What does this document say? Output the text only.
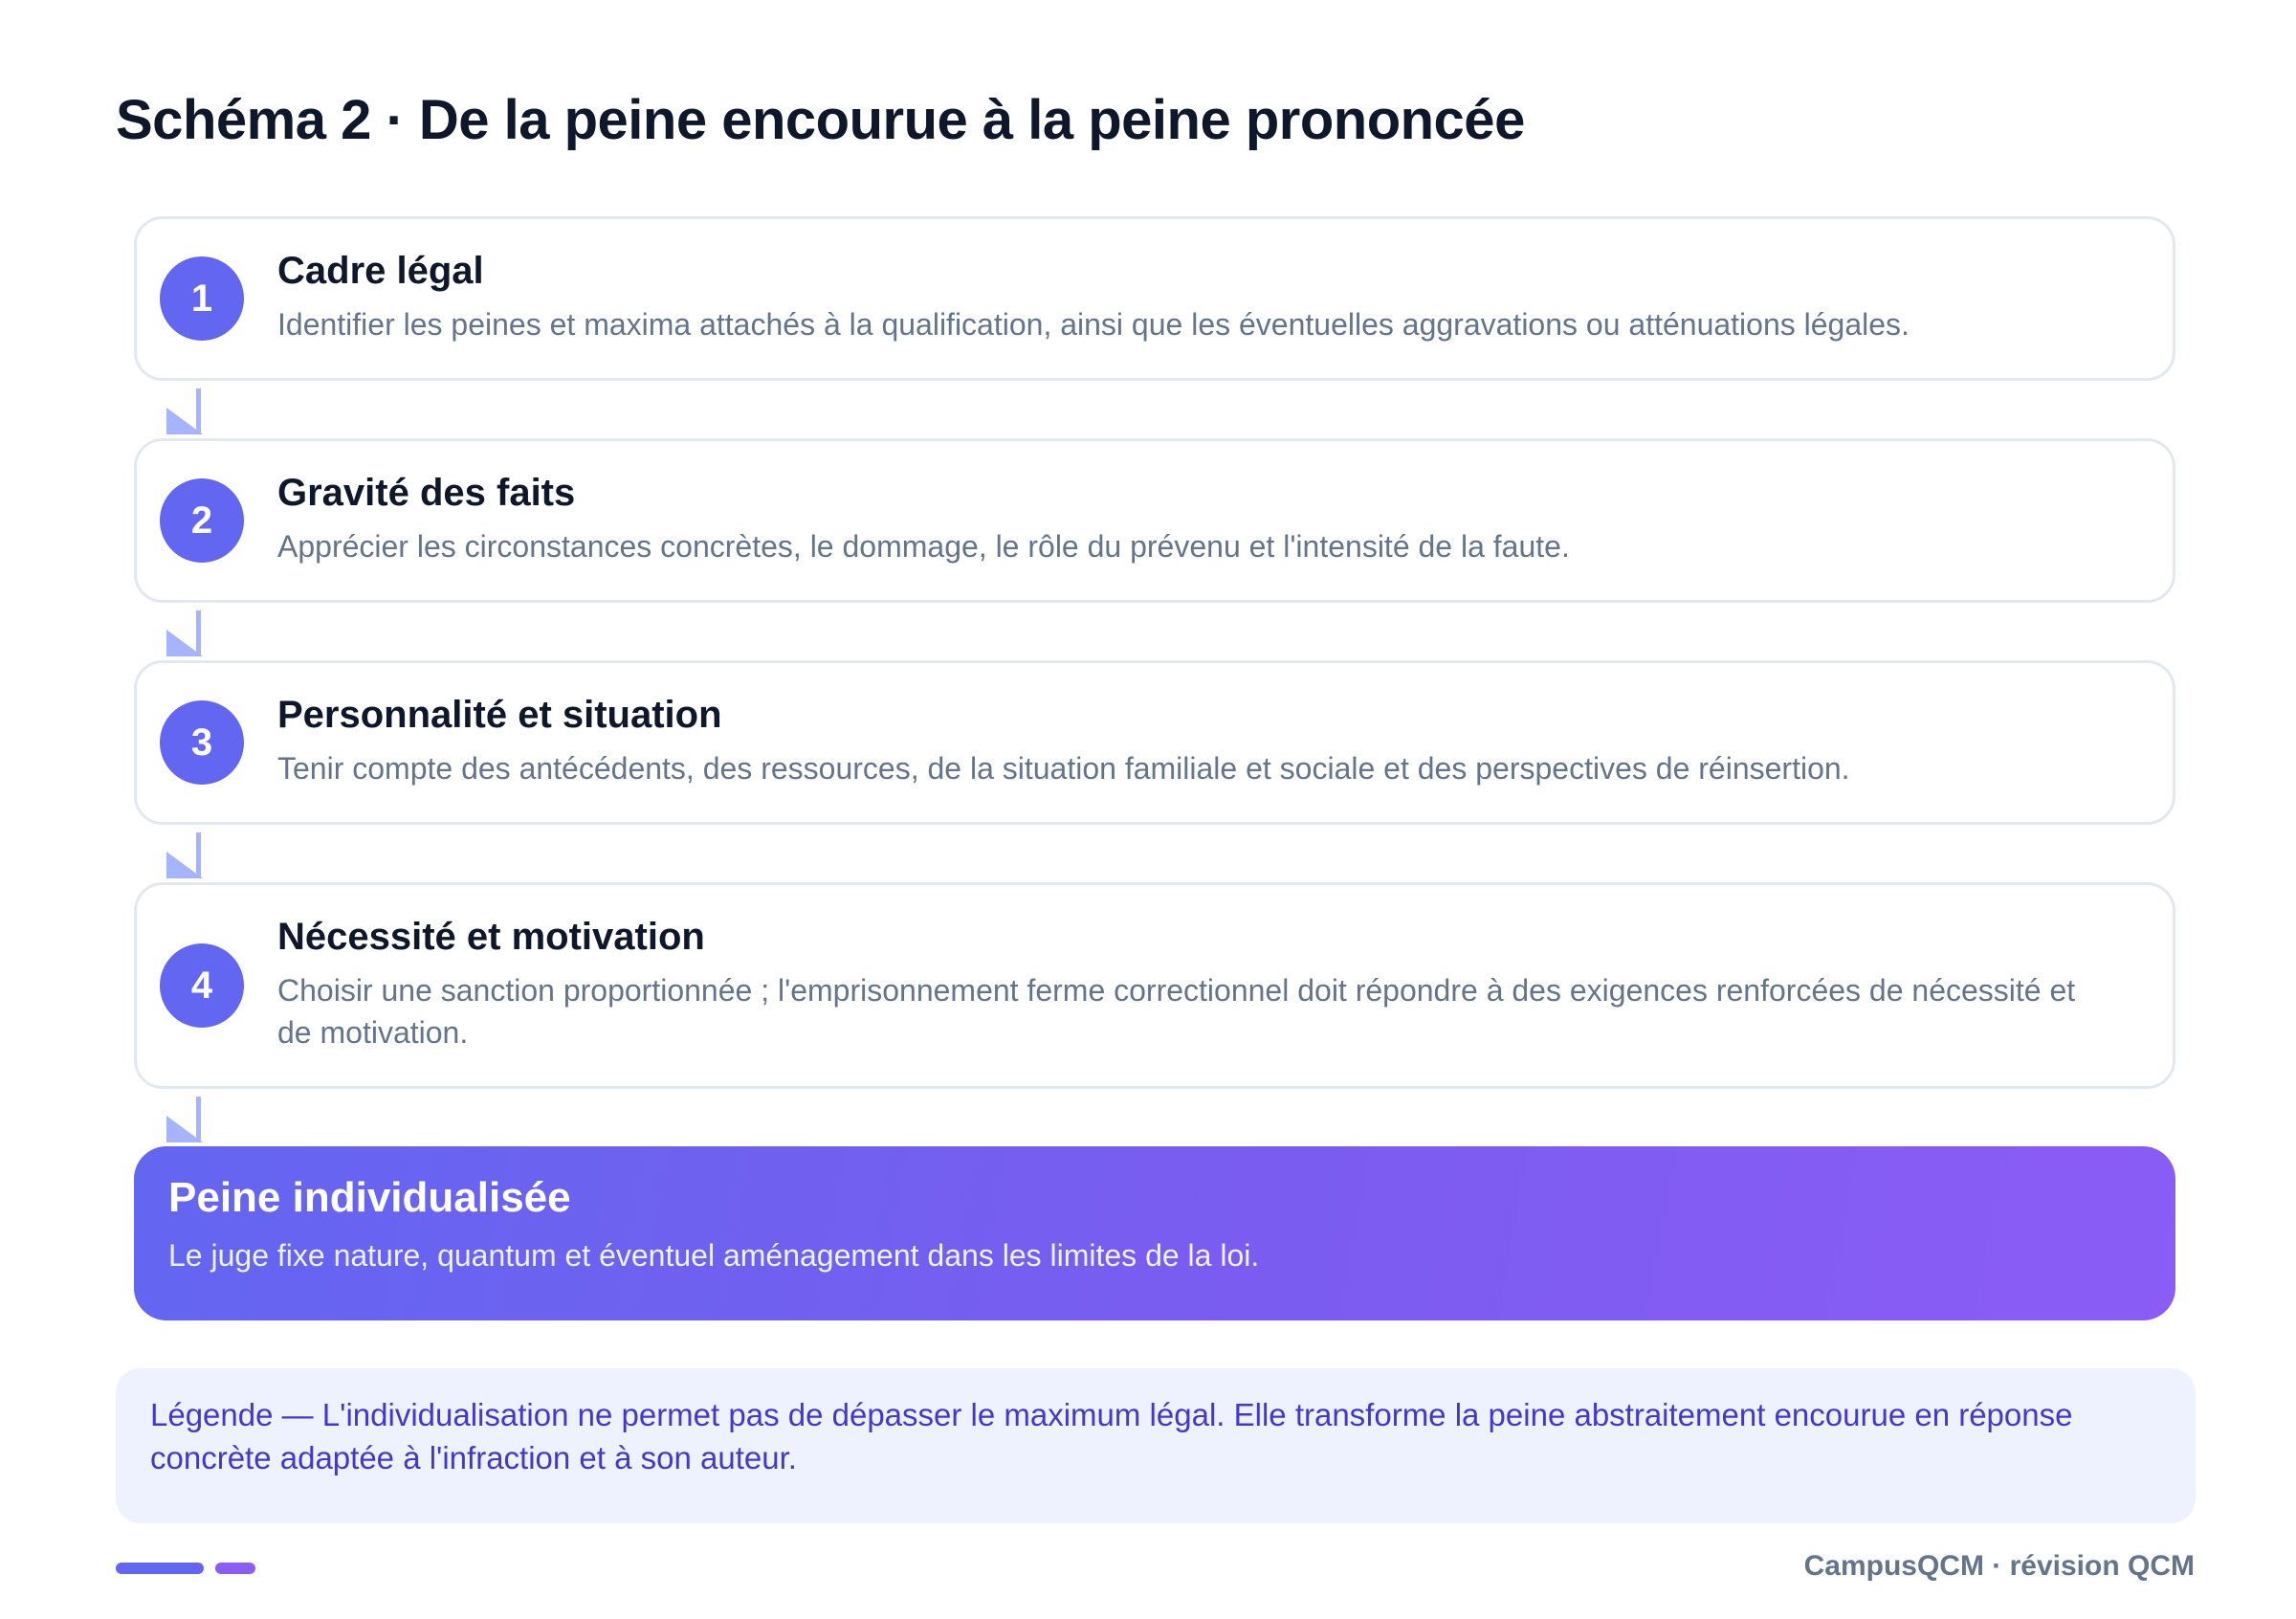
Schéma 2 · De la peine encourue à la peine prononcée
1
Cadre légal
Identifier les peines et maxima attachés à la qualification, ainsi que les éventuelles aggravations ou atténuations légales.
2
Gravité des faits
Apprécier les circonstances concrètes, le dommage, le rôle du prévenu et l'intensité de la faute.
3
Personnalité et situation
Tenir compte des antécédents, des ressources, de la situation familiale et sociale et des perspectives de réinsertion.
4
Nécessité et motivation
Choisir une sanction proportionnée ; l'emprisonnement ferme correctionnel doit répondre à des exigences renforcées de nécessité et de motivation.
Peine individualisée
Le juge fixe nature, quantum et éventuel aménagement dans les limites de la loi.
Légende — L'individualisation ne permet pas de dépasser le maximum légal. Elle transforme la peine abstraitement encourue en réponse concrète adaptée à l'infraction et à son auteur.
CampusQCM · révision QCM
